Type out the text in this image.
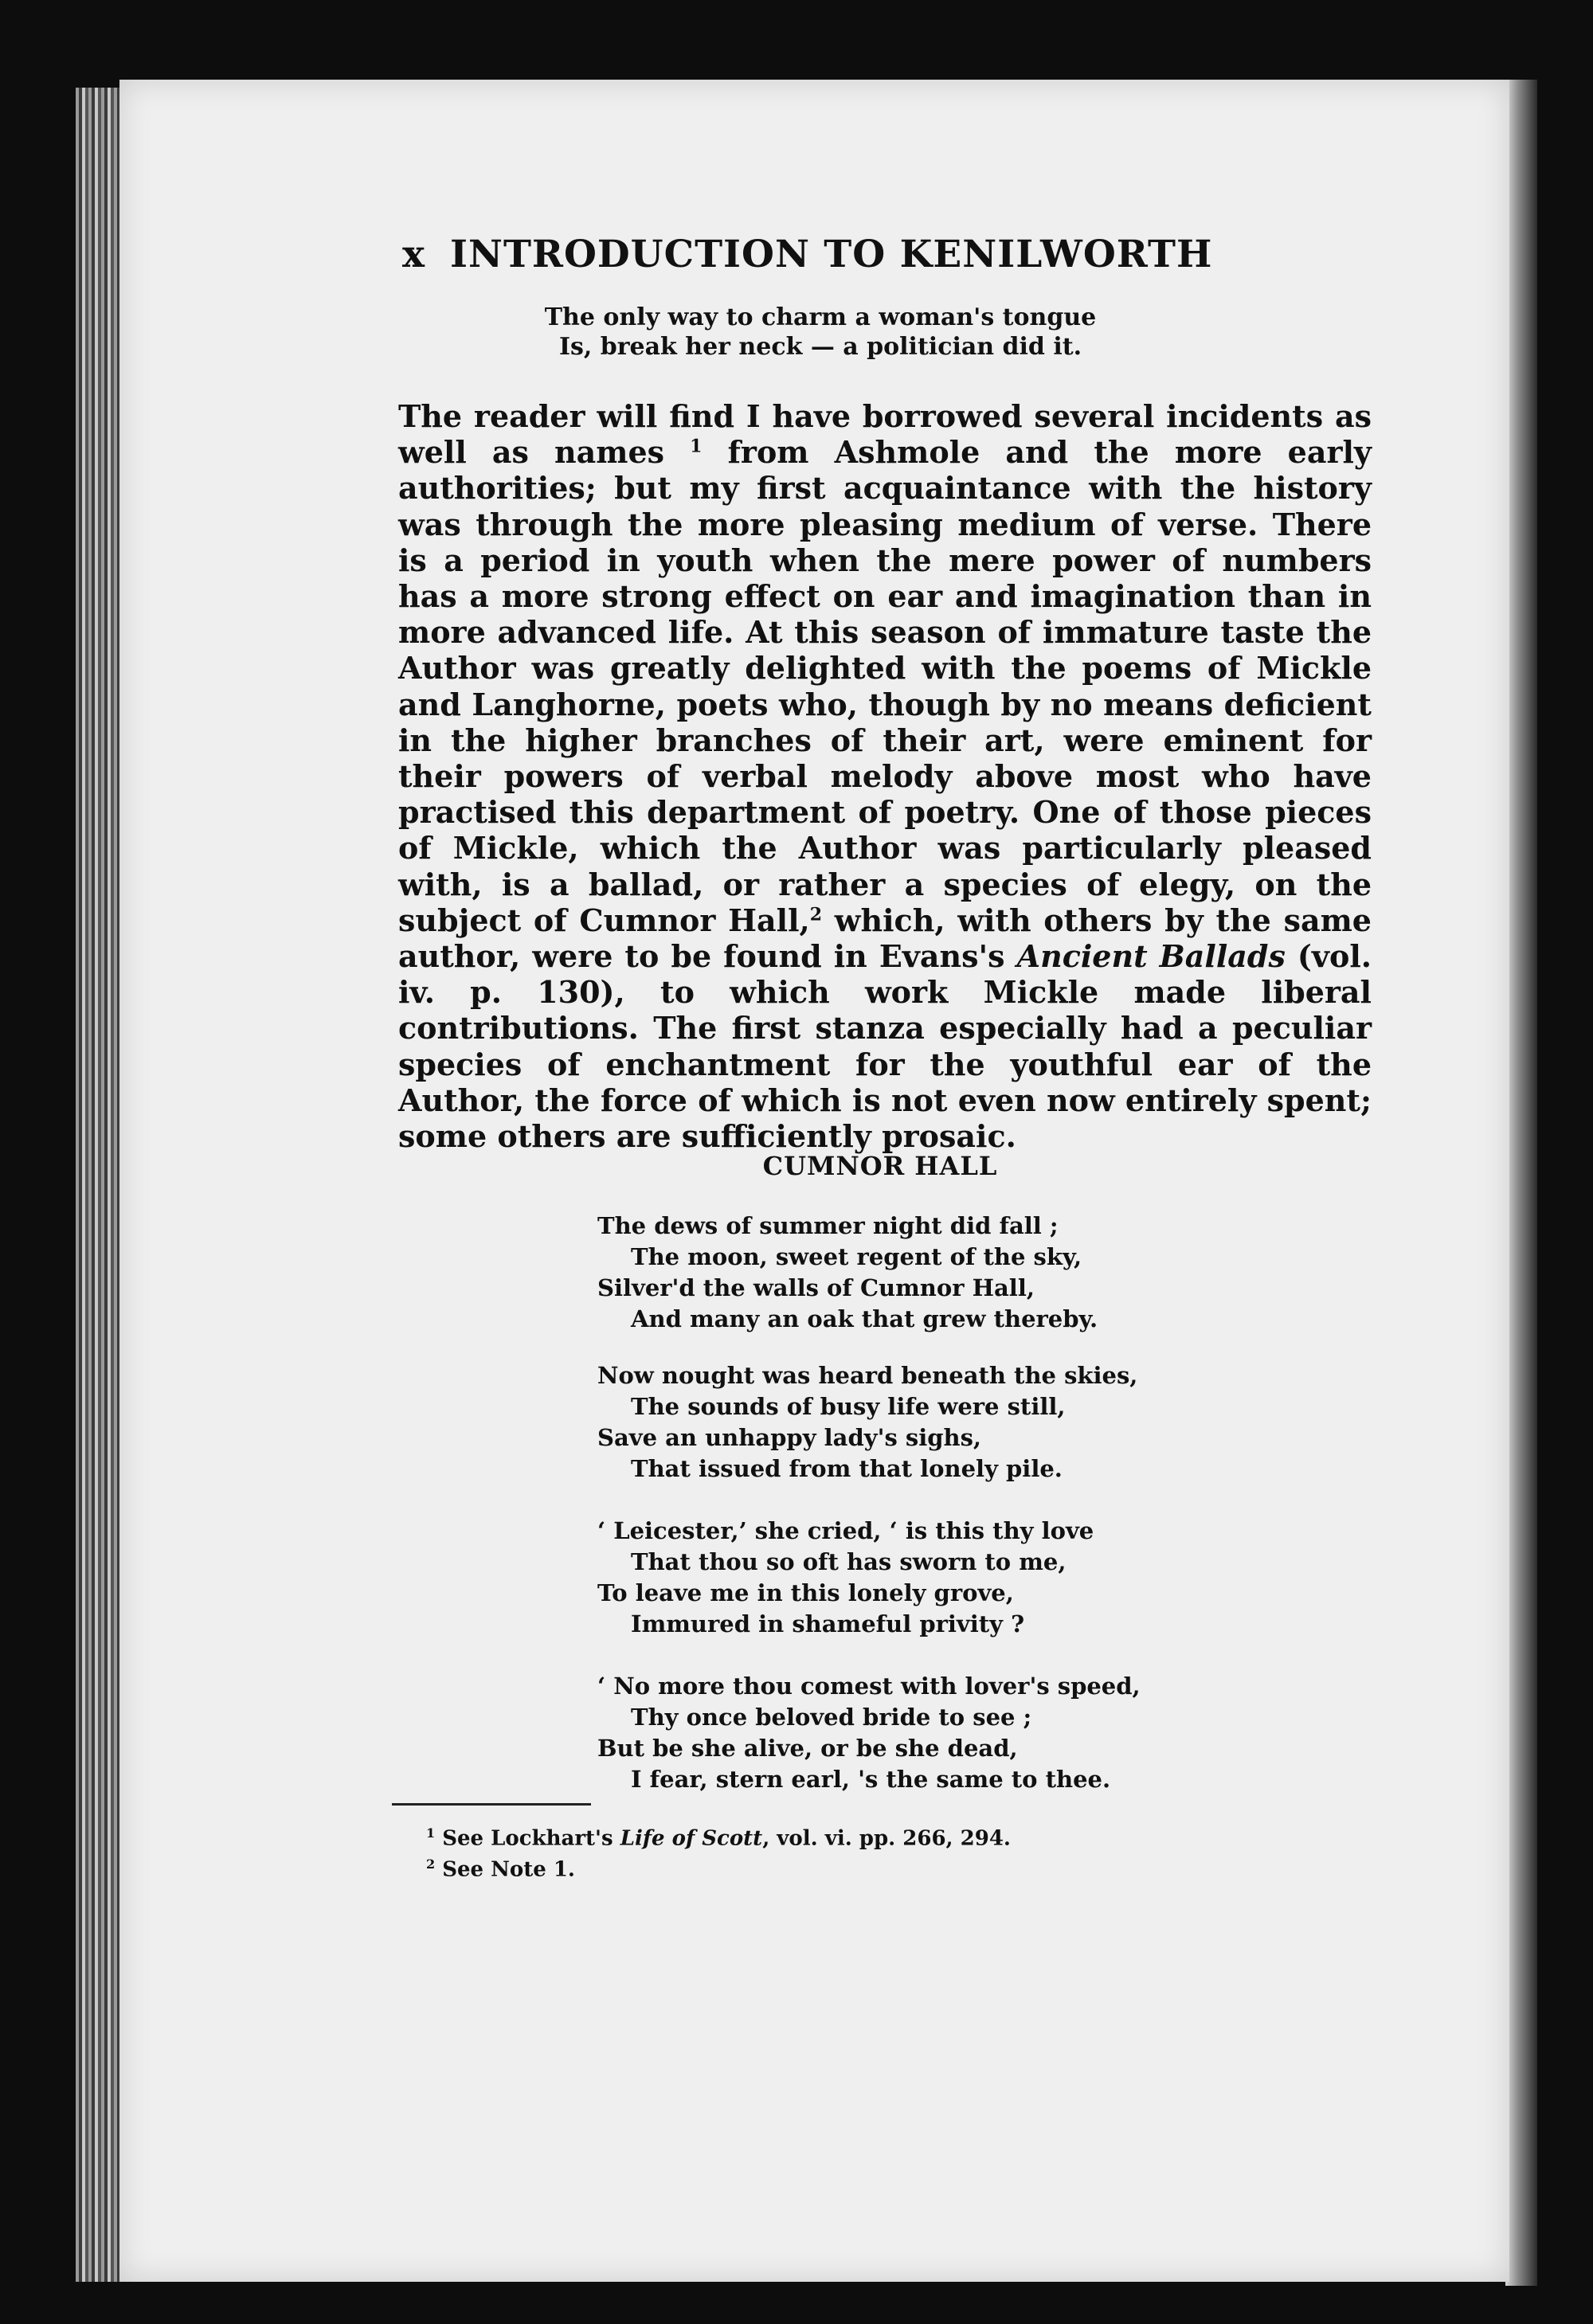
x INTRODUCTION TO KENILWORTH
The only way to charm a woman's tongue
Is, break her neck — a politician did it.
The reader will find I have borrowed several incidents as well as names $^1$ from Ashmole and the more early authorities; but my first acquaintance with the history was through the more pleasing medium of verse. There is a period in youth when the mere power of numbers has a more strong effect on ear and imagination than in more advanced life. At this season of immature taste the Author was greatly delighted with the poems of Mickle and Langhorne, poets who, though by no means deficient in the higher branches of their art, were eminent for their powers of verbal melody above most who have practised this department of poetry. One of those pieces of Mickle, which the Author was particularly pleased with, is a ballad, or rather a species of elegy, on the subject of Cumnor Hall,$^2$ which, with others by the same author, were to be found in Evans's Ancient Ballads (vol. iv. p. 130), to which work Mickle made liberal contributions. The first stanza especially had a peculiar species of enchantment for the youthful ear of the Author, the force of which is not even now entirely spent; some others are sufficiently prosaic.
CUMNOR HALL
The dews of summer night did fall ;
The moon, sweet regent of the sky,
Silver'd the walls of Cumnor Hall,
And many an oak that grew thereby.
Now nought was heard beneath the skies,
The sounds of busy life were still,
Save an unhappy lady's sighs,
That issued from that lonely pile.
‘ Leicester,’ she cried, ‘ is this thy love
That thou so oft has sworn to me,
To leave me in this lonely grove,
Immured in shameful privity ?
‘ No more thou comest with lover's speed,
Thy once beloved bride to see ;
But be she alive, or be she dead,
I fear, stern earl, 's the same to thee.
$^1$ See Lockhart's Life of Scott, vol. vi. pp. 266, 294.
$^2$ See Note 1.
